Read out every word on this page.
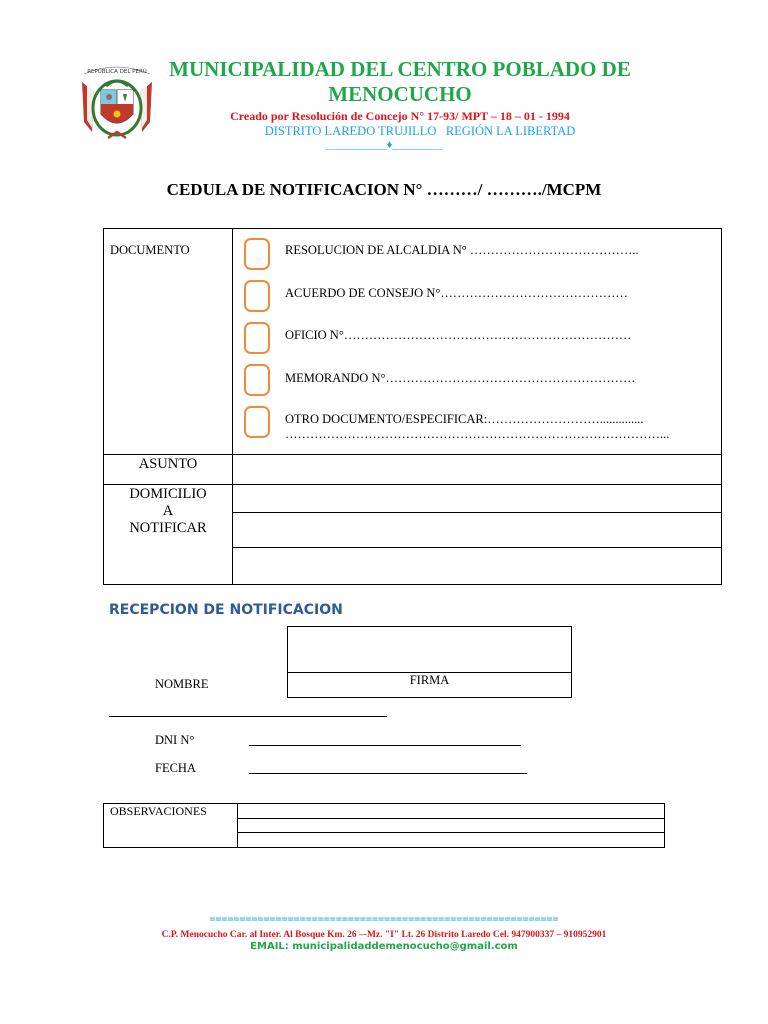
REPÚBLICA DEL PERÚ	MUNICIPALIDAD DEL CENTRO POBLADO DE MENOCUCHO
Creado por Resolución de Concejo N° 17-93/ MPT – 18 – 01 - 1994
DISTRITO LAREDO TRUJILLO   REGIÓN LA LIBERTAD
___________♦_________
CEDULA DE NOTIFICACION N° ………/ ………./MCPM
DOCUMENTO	RESOLUCION DE ALCALDIA N° …………………………………..
ACUERDO DE CONSEJO N°………………………………………
OFICIO N°……………………………………………………………
MEMORANDO N°……………………………………………………
OTRO DOCUMENTO/ESPECIFICAR:………………………..............
………………………………………………………………………………...
ASUNTO
DOMICILIO
A
NOTIFICAR
RECEPCION DE NOTIFICACION
FIRMA
NOMBRE
DNI N°
FECHA
OBSERVACIONES
==========================================================
C.P. Menocucho Car. al Inter. Al Bosque Km. 26 –-Mz. "I" Lt. 26 Distrito Laredo Cel. 947900337 – 910952901
EMAIL: municipalidaddemenocucho@gmail.com
